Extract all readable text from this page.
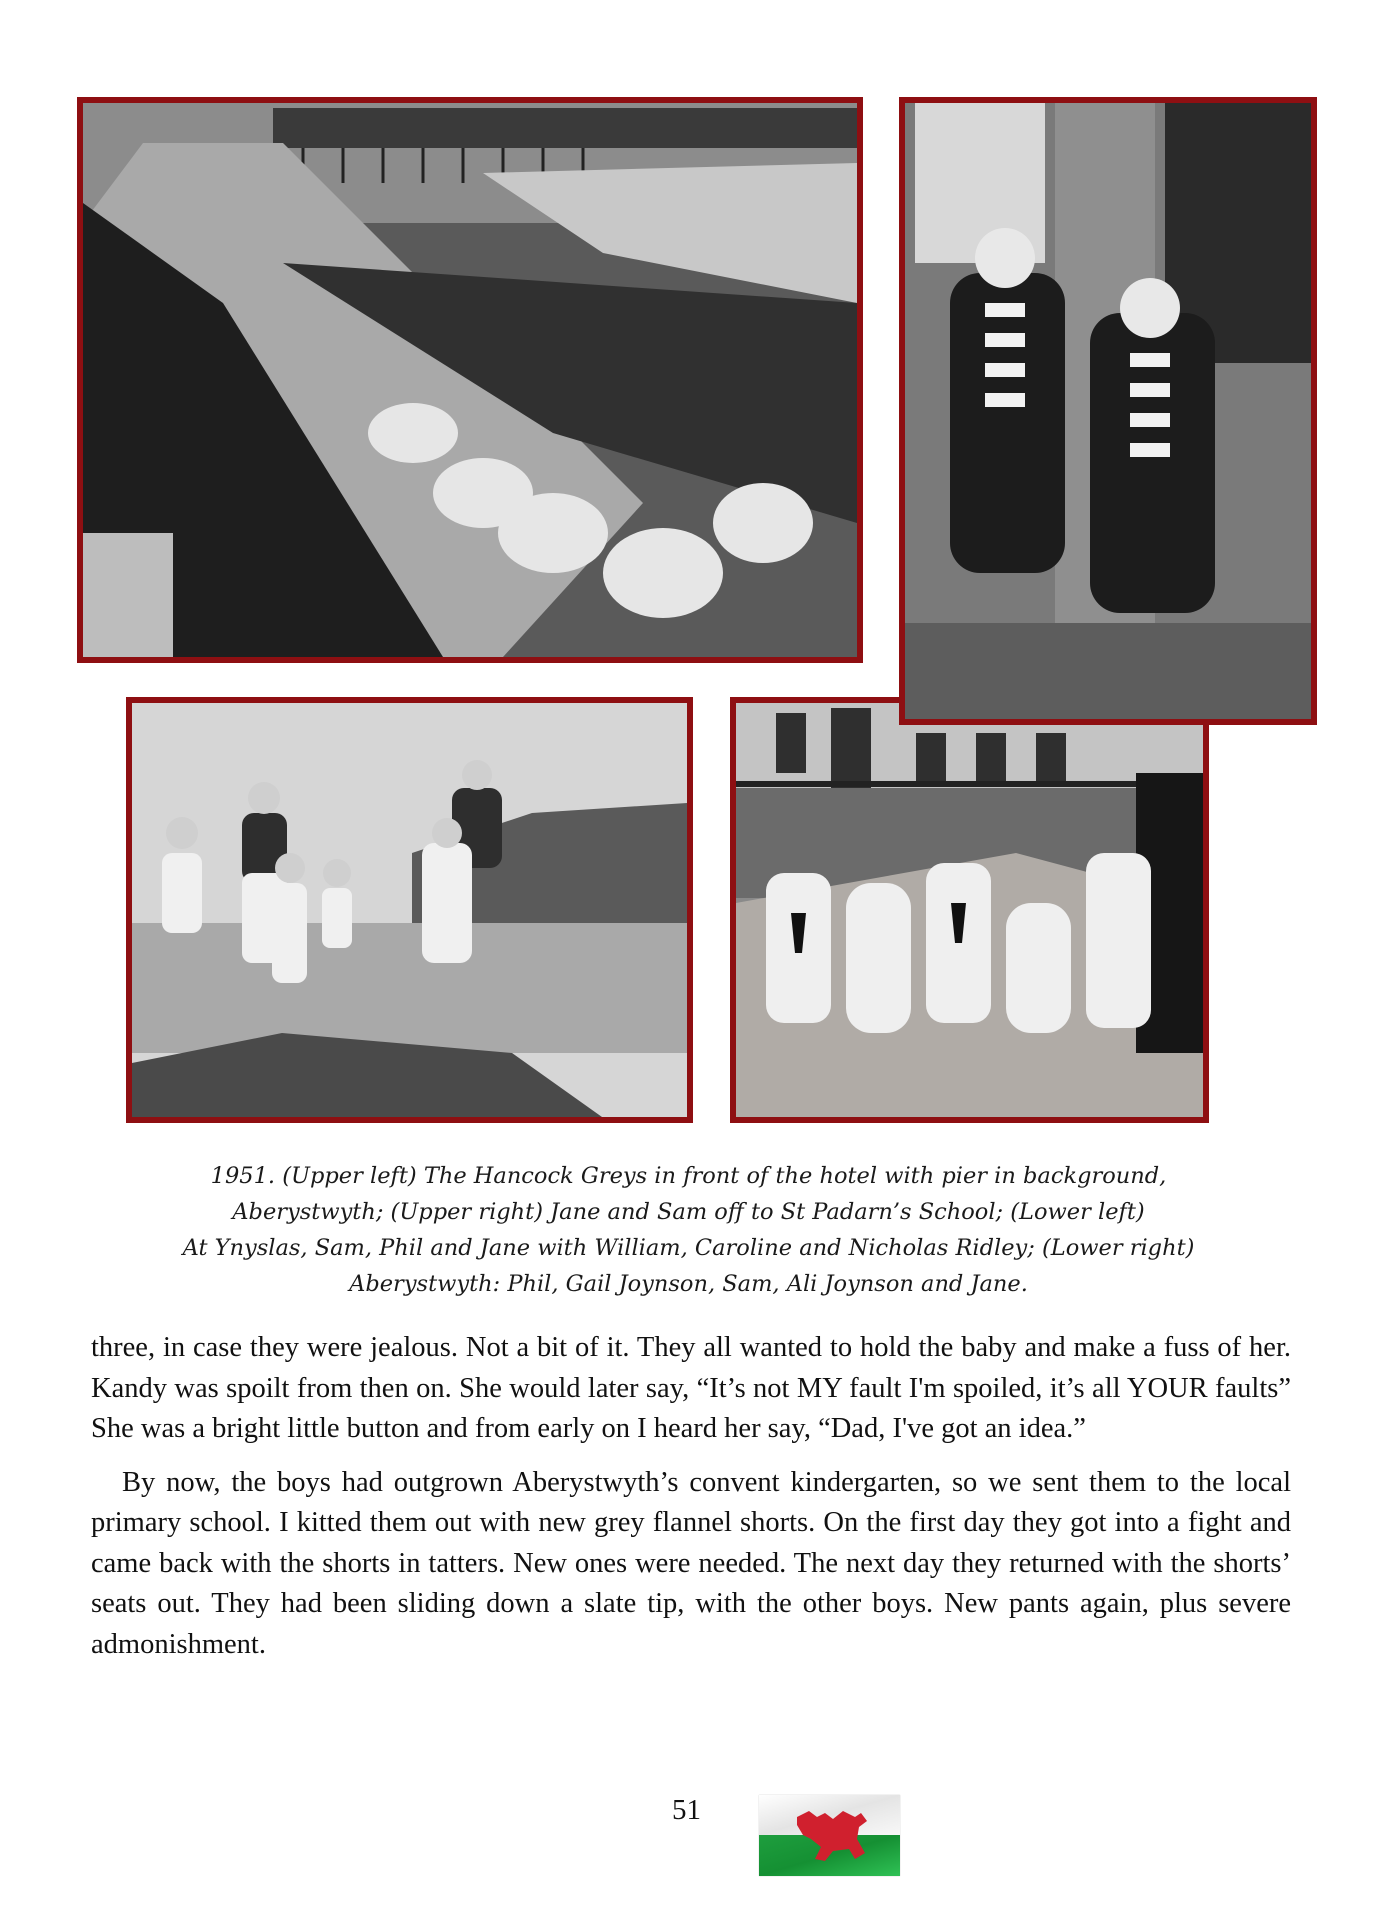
1951. (Upper left) The Hancock Greys in front of the hotel with pier in background,
Aberystwyth; (Upper right) Jane and Sam off to St Padarn’s School; (Lower left)
At Ynyslas, Sam, Phil and Jane with William, Caroline and Nicholas Ridley; (Lower right)
Aberystwyth: Phil, Gail Joynson, Sam, Ali Joynson and Jane.

three, in case they were jealous. Not a bit of it. They all wanted to hold the baby and make a fuss of her. Kandy was spoilt from then on. She would later say, “It’s not MY fault I'm spoiled, it’s all YOUR faults” She was a bright little button and from early on I heard her say, “Dad, I've got an idea.”

By now, the boys had outgrown Aberystwyth’s convent kindergarten, so we sent them to the local primary school. I kitted them out with new grey flannel shorts. On the first day they got into a fight and came back with the shorts in tatters. New ones were needed. The next day they returned with the shorts’ seats out. They had been sliding down a slate tip, with the other boys. New pants again, plus severe admonishment.

51
